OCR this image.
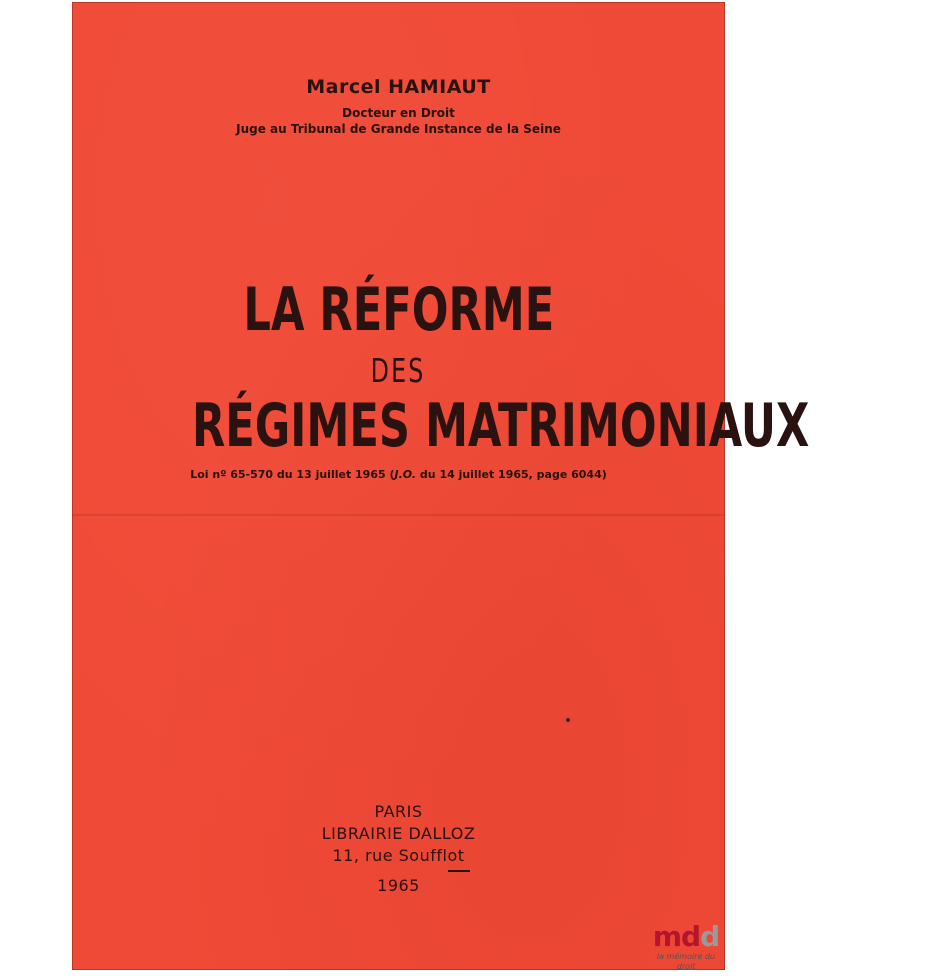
Marcel HAMIAUT
Docteur en Droit
Juge au Tribunal de Grande Instance de la Seine
LA RÉFORME
DES
RÉGIMES MATRIMONIAUX
Loi nº 65-570 du 13 juillet 1965 (J.O. du 14 juillet 1965, page 6044)
PARIS
LIBRAIRIE DALLOZ
11, rue Soufflot
1965
mdd
la mémoire du droit
